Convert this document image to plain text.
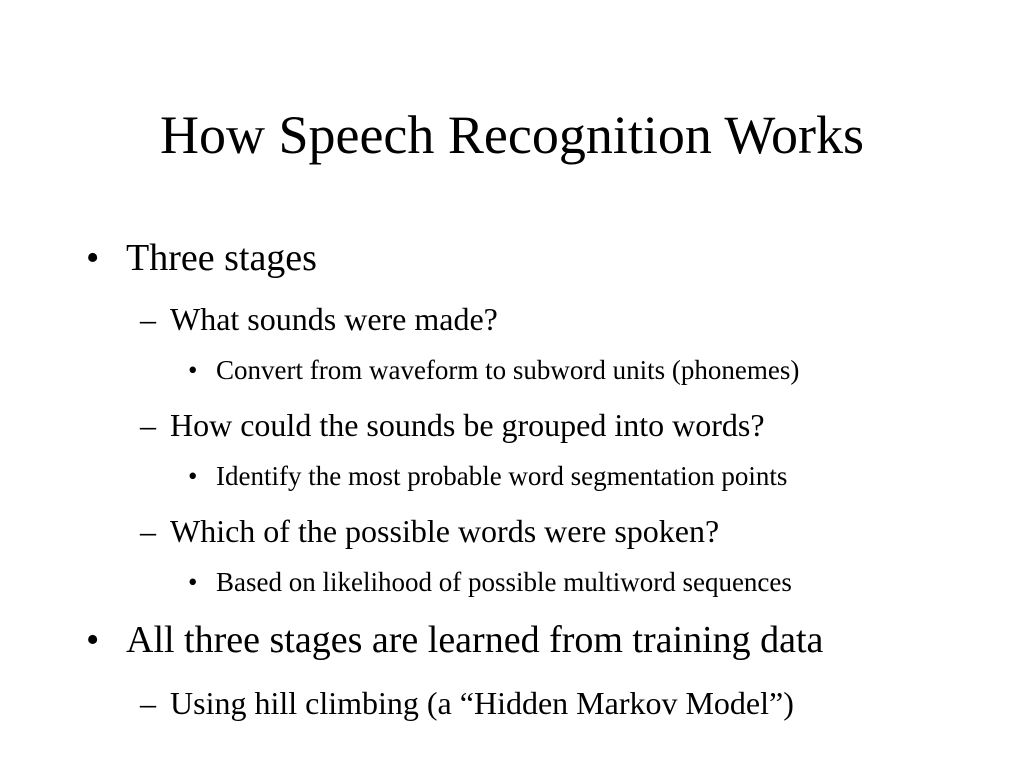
How Speech Recognition Works
• Three stages
– What sounds were made?
• Convert from waveform to subword units (phonemes)
– How could the sounds be grouped into words?
• Identify the most probable word segmentation points
– Which of the possible words were spoken?
• Based on likelihood of possible multiword sequences
• All three stages are learned from training data
– Using hill climbing (a “Hidden Markov Model”)
